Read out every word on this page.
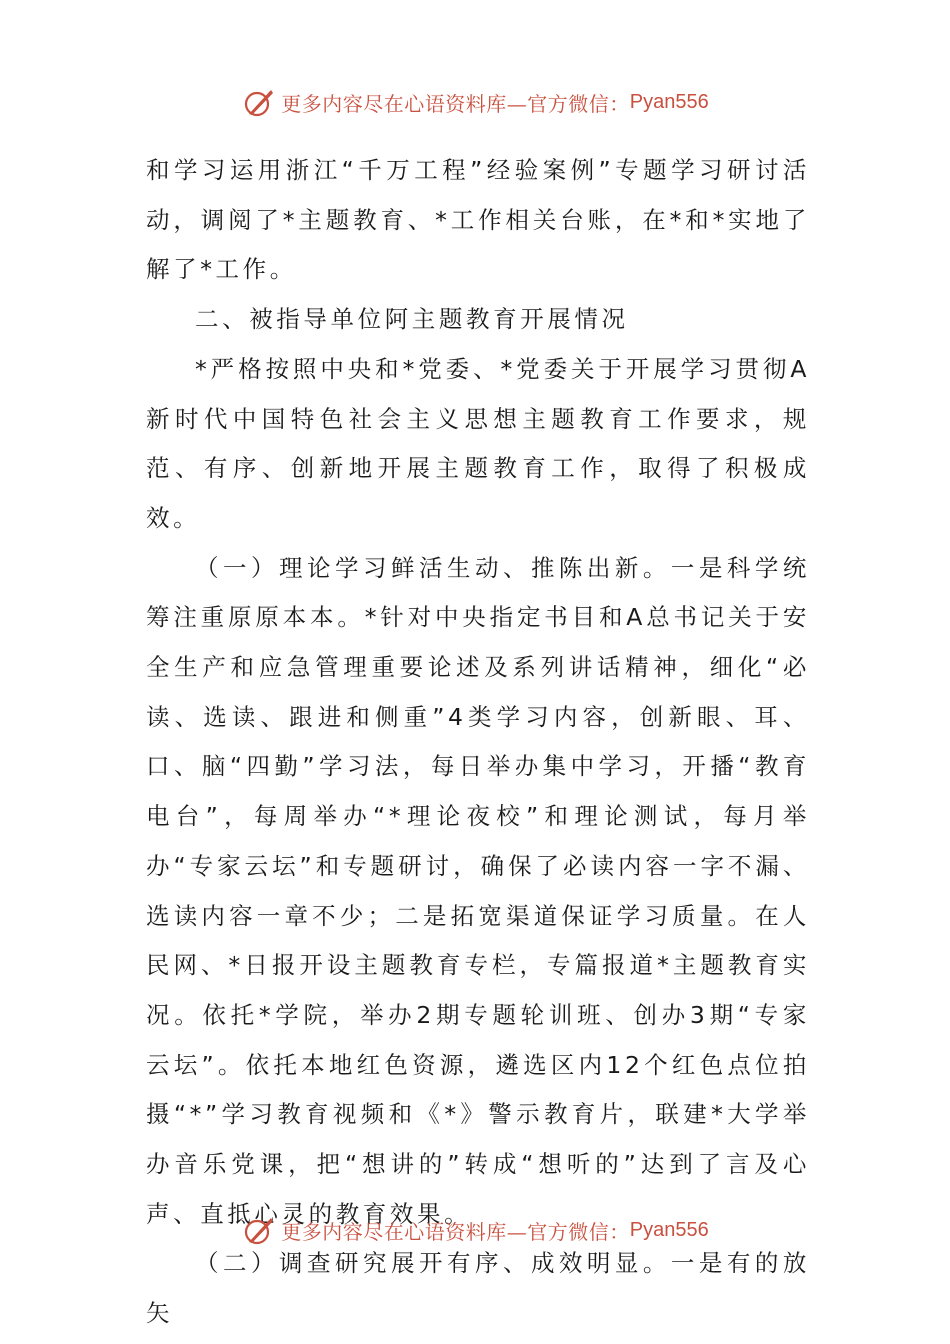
更多内容尽在心语资料库—官方微信： Pyan556

和学习运用浙江“千万工程”经验案例”专题学习研讨活动，调阅了*主题教育、*工作相关台账，在*和*实地了解了*工作。

二、被指导单位阿主题教育开展情况

*严格按照中央和*党委、*党委关于开展学习贯彻A新时代中国特色社会主义思想主题教育工作要求，规范、有序、创新地开展主题教育工作，取得了积极成效。

（一）理论学习鲜活生动、推陈出新。一是科学统筹注重原原本本。*针对中央指定书目和A总书记关于安全生产和应急管理重要论述及系列讲话精神，细化“必读、选读、跟进和侧重”4类学习内容，创新眼、耳、口、脑“四勤”学习法，每日举办集中学习，开播“教育电台”，每周举办“*理论夜校”和理论测试，每月举办“专家云坛”和专题研讨，确保了必读内容一字不漏、选读内容一章不少；二是拓宽渠道保证学习质量。在人民网、*日报开设主题教育专栏，专篇报道*主题教育实况。依托*学院，举办2期专题轮训班、创办3期“专家云坛”。依托本地红色资源，遴选区内12个红色点位拍摄“*”学习教育视频和《*》警示教育片，联建*大学举办音乐党课，把“想讲的”转成“想听的”达到了言及心声、直抵心灵的教育效果。

（二）调查研究展开有序、成效明显。一是有的放矢

更多内容尽在心语资料库—官方微信： Pyan556
